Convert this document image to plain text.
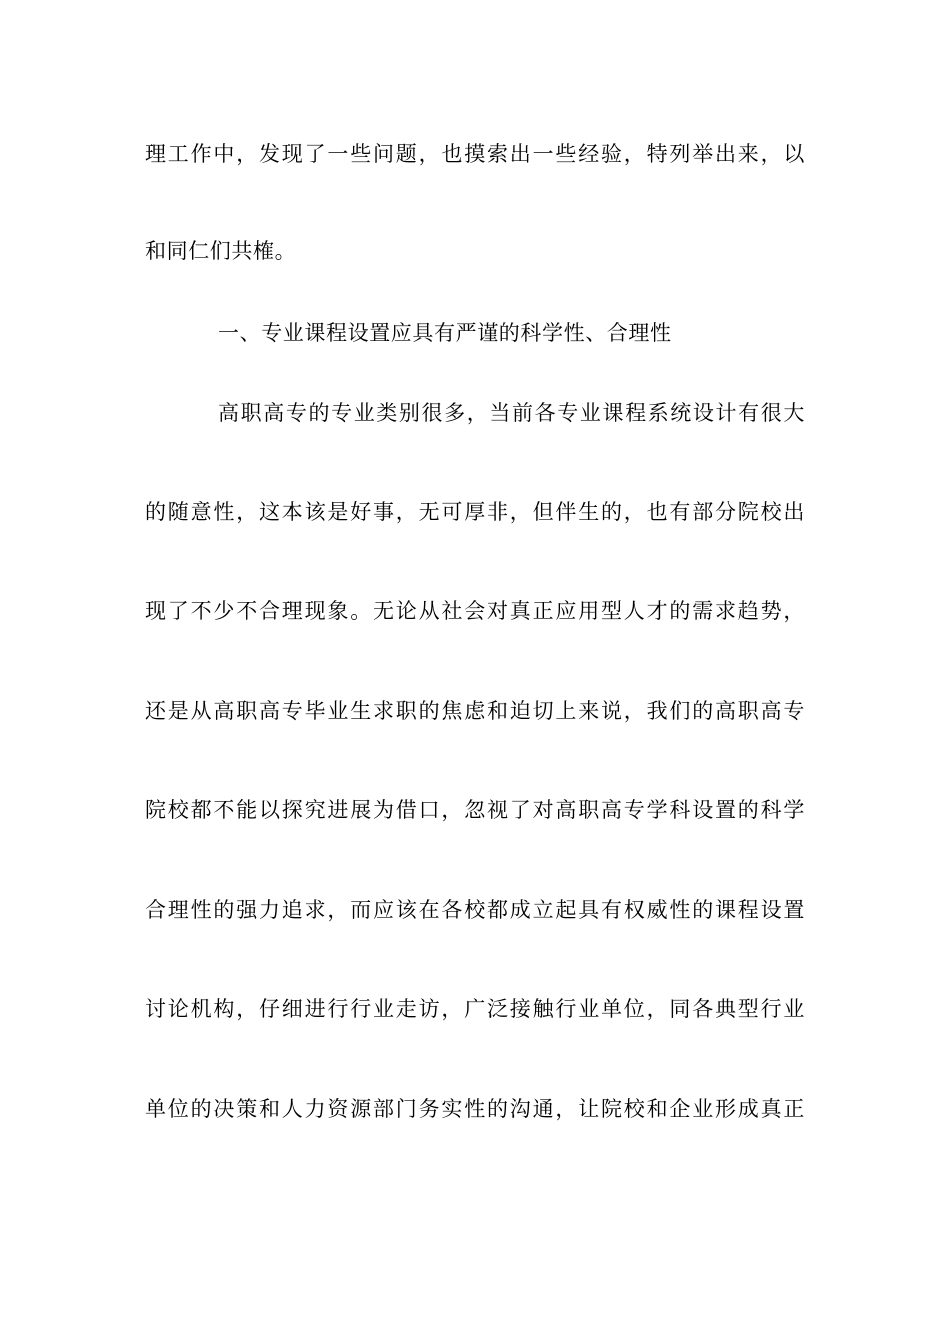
理工作中，发现了一些问题，也摸索出一些经验，特列举出来，以
和同仁们共榷。
一、专业课程设置应具有严谨的科学性、合理性
高职高专的专业类别很多，当前各专业课程系统设计有很大
的随意性，这本该是好事，无可厚非，但伴生的，也有部分院校出
现了不少不合理现象。无论从社会对真正应用型人才的需求趋势，
还是从高职高专毕业生求职的焦虑和迫切上来说，我们的高职高专
院校都不能以探究进展为借口，忽视了对高职高专学科设置的科学
合理性的强力追求，而应该在各校都成立起具有权威性的课程设置
讨论机构，仔细进行行业走访，广泛接触行业单位，同各典型行业
单位的决策和人力资源部门务实性的沟通，让院校和企业形成真正
